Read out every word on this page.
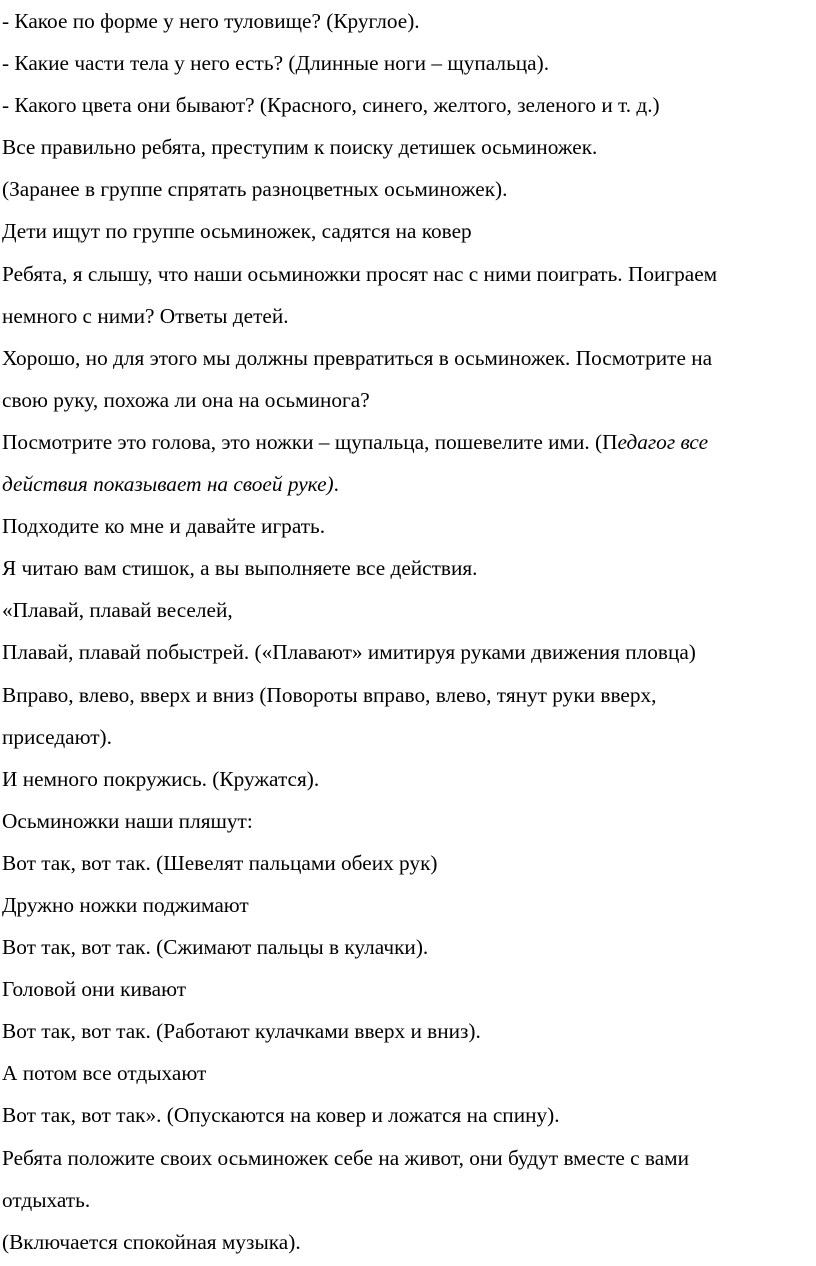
- Какое по форме у него туловище? (Круглое).
- Какие части тела у него есть? (Длинные ноги – щупальца).
- Какого цвета они бывают? (Красного, синего, желтого, зеленого и т. д.)
Все правильно ребята, преступим к поиску детишек осьминожек.
(Заранее в группе спрятать разноцветных осьминожек).
Дети ищут по группе осьминожек, садятся на ковер
Ребята, я слышу, что наши осьминожки просят нас с ними поиграть. Поиграем
немного с ними? Ответы детей.
Хорошо, но для этого мы должны превратиться в осьминожек. Посмотрите на
свою руку, похожа ли она на осьминога?
Посмотрите это голова, это ножки – щупальца, пошевелите ими. (Педагог все
действия показывает на своей руке).
Подходите ко мне и давайте играть.
Я читаю вам стишок, а вы выполняете все действия.
«Плавай, плавай веселей,
Плавай, плавай побыстрей. («Плавают» имитируя руками движения пловца)
Вправо, влево, вверх и вниз (Повороты вправо, влево, тянут руки вверх,
приседают).
И немного покружись. (Кружатся).
Осьминожки наши пляшут:
Вот так, вот так. (Шевелят пальцами обеих рук)
Дружно ножки поджимают
Вот так, вот так. (Сжимают пальцы в кулачки).
Головой они кивают
Вот так, вот так. (Работают кулачками вверх и вниз).
А потом все отдыхают
Вот так, вот так». (Опускаются на ковер и ложатся на спину).
Ребята положите своих осьминожек себе на живот, они будут вместе с вами
отдыхать.
(Включается спокойная музыка).
